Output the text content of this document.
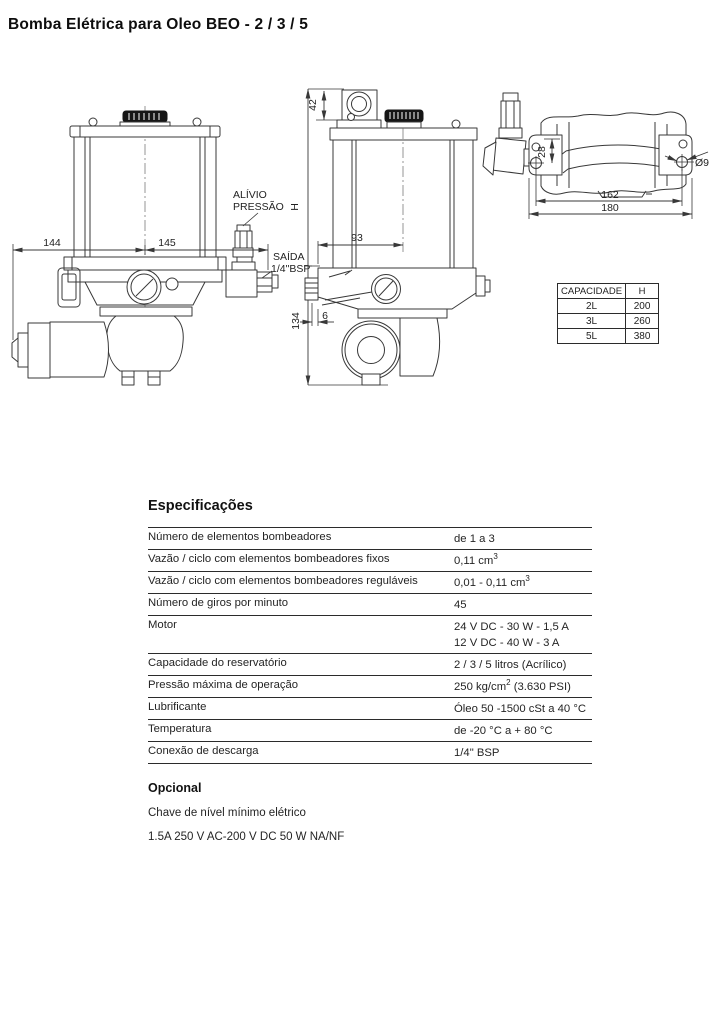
Bomba Elétrica para Oleo BEO - 2 / 3 / 5
ALÍVIO
PRESSÃO
SAÍDA
1/4"BSP
144	145
H
134
42
93
6
28
Ø9
162
180
CAPACIDADE	H
2L	200
3L	260
5L	380
Especificações
Número de elementos bombeadores	de 1 a 3

Vazão / ciclo com elementos bombeadores fixos	0,11 $cm^3$

Vazão / ciclo com elementos bombeadores reguláveis	0,01 - 0,11 $cm^3$

Número de giros por minuto	45

Motor	24 V DC - 30 W - 1,5 A
12 V DC - 40 W - 3 A

Capacidade do reservatório	2 / 3 / 5 litros (Acrílico)

Pressão máxima de operação	250 $kg/cm^2$ (3.630 PSI)

Lubrificante	Óleo 50 -1500 cSt a 40 °C

Temperatura	de -20 °C a + 80 °C

Conexão de descarga	1/4" BSP
Opcional

Chave de nível mínimo elétrico

1.5A 250 V AC-200 V DC 50 W NA/NF
